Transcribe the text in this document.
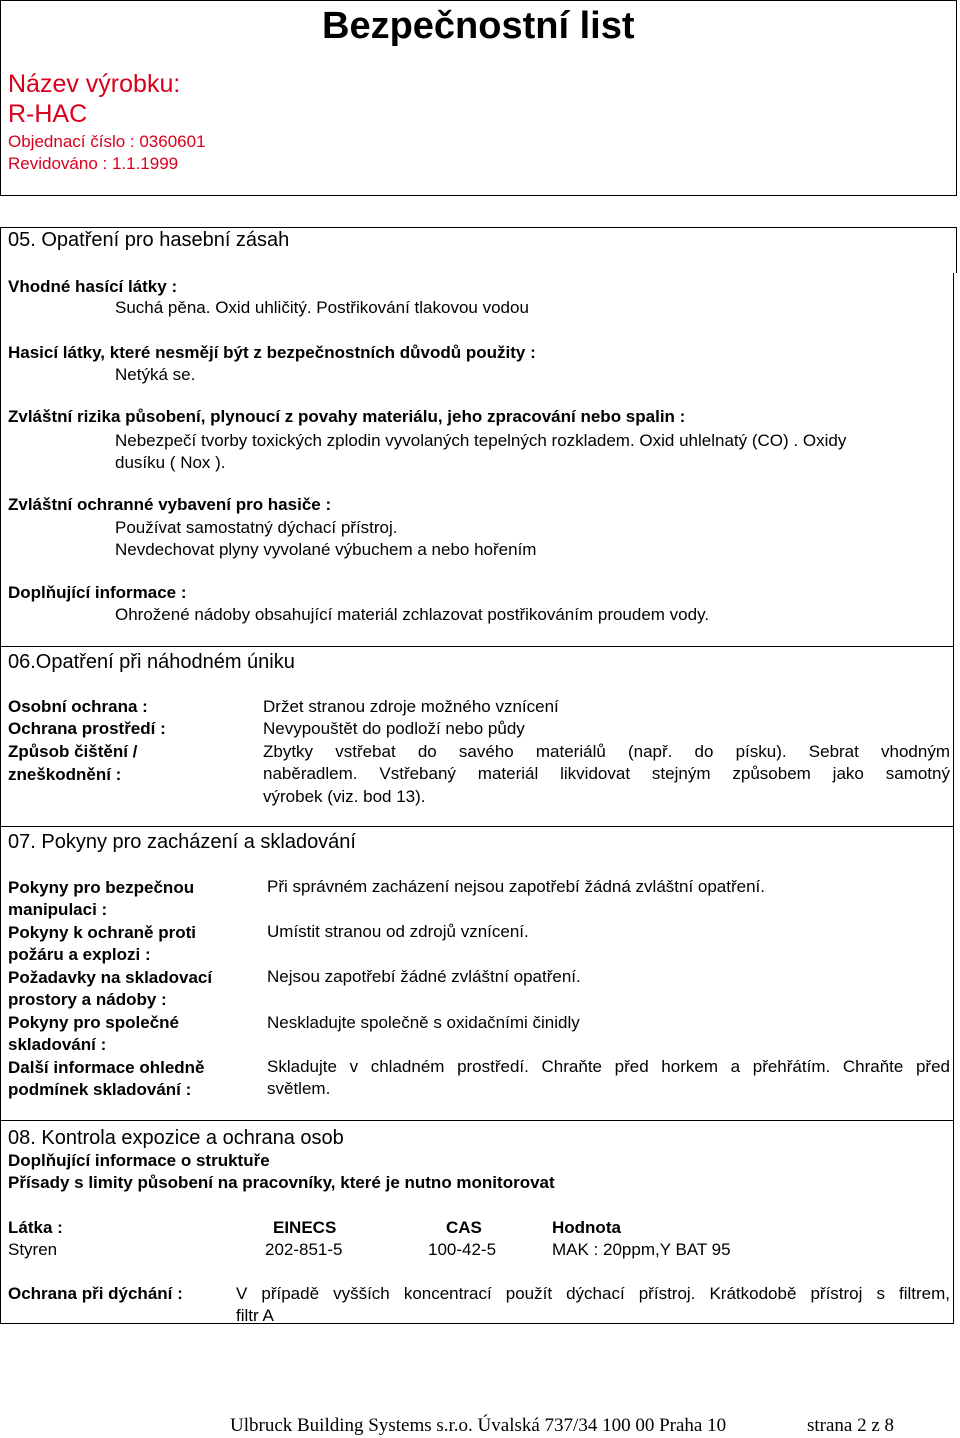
Bezpečnostní list
Název výrobku:
R-HAC
Objednací číslo : 0360601
Revidováno : 1.1.1999
05. Opatření pro hasební zásah
Vhodné hasící látky :
Suchá pěna. Oxid uhličitý. Postřikování tlakovou vodou
Hasicí látky, které nesmějí být z bezpečnostních důvodů použity :
Netýká se.
Zvláštní rizika působení, plynoucí z povahy materiálu, jeho zpracování nebo spalin :
Nebezpečí tvorby toxických zplodin vyvolaných tepelných rozkladem. Oxid uhlelnatý (CO) . Oxidy
dusíku ( Nox ).
Zvláštní ochranné vybavení pro hasiče :
Používat samostatný dýchací přístroj.
Nevdechovat plyny vyvolané výbuchem a nebo hořením
Doplňující informace :
Ohrožené nádoby obsahující materiál zchlazovat postřikováním proudem vody.
06.Opatření při náhodném úniku
Osobní ochrana :	Držet stranou zdroje možného vznícení
Ochrana prostředí :	Nevypouštět do podloží nebo půdy
Způsob čištění /
zneškodnění :
Zbytky vstřebat do savého materiálů (např. do písku). Sebrat vhodným
naběradlem. Vstřebaný materiál likvidovat stejným způsobem jako samotný
výrobek (viz. bod 13).
07. Pokyny pro zacházení a skladování
Pokyny pro bezpečnou
manipulaci :
Při správném zacházení nejsou zapotřebí žádná zvláštní opatření.
Pokyny k ochraně proti
požáru a explozi :
Umístit stranou od zdrojů vznícení.
Požadavky na skladovací
prostory a nádoby :
Nejsou zapotřebí žádné zvláštní opatření.
Pokyny pro společné
skladování :
Neskladujte společně s oxidačními činidly
Další informace ohledně
podmínek skladování :
Skladujte v chladném prostředí. Chraňte před horkem a přehřátím. Chraňte před
světlem.
08. Kontrola expozice a ochrana osob
Doplňující informace o struktuře
Přísady s limity působení na pracovníky, které je nutno monitorovat
Látka :	EINECS	CAS	Hodnota
Styren	202-851-5	100-42-5	MAK : 20ppm,Y BAT 95
Ochrana při dýchání :	V případě vyšších koncentrací použít dýchací přístroj. Krátkodobě přístroj s filtrem,
filtr A
Ulbruck Building Systems s.r.o. Úvalská 737/34 100 00 Praha 10	strana 2 z 8
